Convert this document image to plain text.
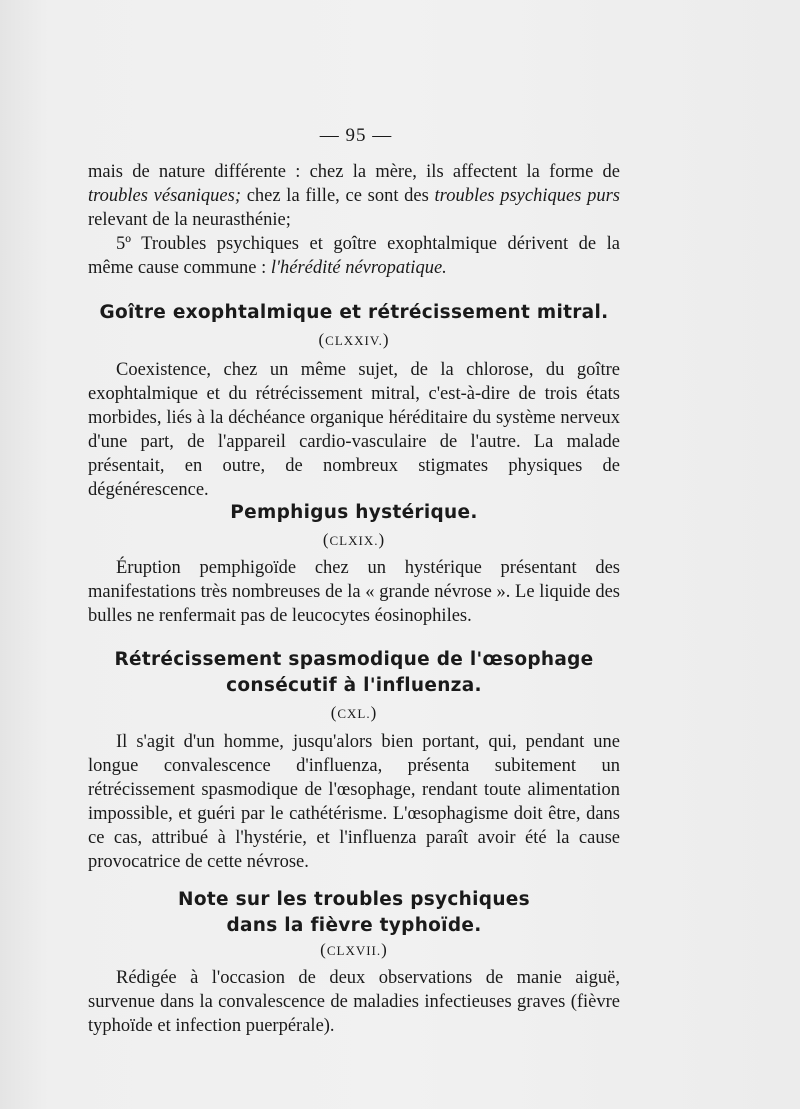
— 95 —

mais de nature différente : chez la mère, ils affectent la forme de troubles vésaniques; chez la fille, ce sont des troubles psychiques purs relevant de la neurasthénie;

5º Troubles psychiques et goître exophtalmique dérivent de la même cause commune : l'hérédité névropatique.

Goître exophtalmique et rétrécissement mitral.
(CLXXIV.)

Coexistence, chez un même sujet, de la chlorose, du goître exophtalmique et du rétrécissement mitral, c'est-à-dire de trois états morbides, liés à la déchéance organique héréditaire du système nerveux d'une part, de l'appareil cardio-vasculaire de l'autre. La malade présentait, en outre, de nombreux stigmates physiques de dégénérescence.

Pemphigus hystérique.
(CLXIX.)

Éruption pemphigoïde chez un hystérique présentant des manifestations très nombreuses de la « grande névrose ». Le liquide des bulles ne renfermait pas de leucocytes éosinophiles.

Rétrécissement spasmodique de l'œsophage
consécutif à l'influenza.
(CXL.)

Il s'agit d'un homme, jusqu'alors bien portant, qui, pendant une longue convalescence d'influenza, présenta subitement un rétrécissement spasmodique de l'œsophage, rendant toute alimentation impossible, et guéri par le cathétérisme. L'œsophagisme doit être, dans ce cas, attribué à l'hystérie, et l'influenza paraît avoir été la cause provocatrice de cette névrose.

Note sur les troubles psychiques
dans la fièvre typhoïde.
(CLXVII.)

Rédigée à l'occasion de deux observations de manie aiguë, survenue dans la convalescence de maladies infectieuses graves (fièvre typhoïde et infection puerpérale).
